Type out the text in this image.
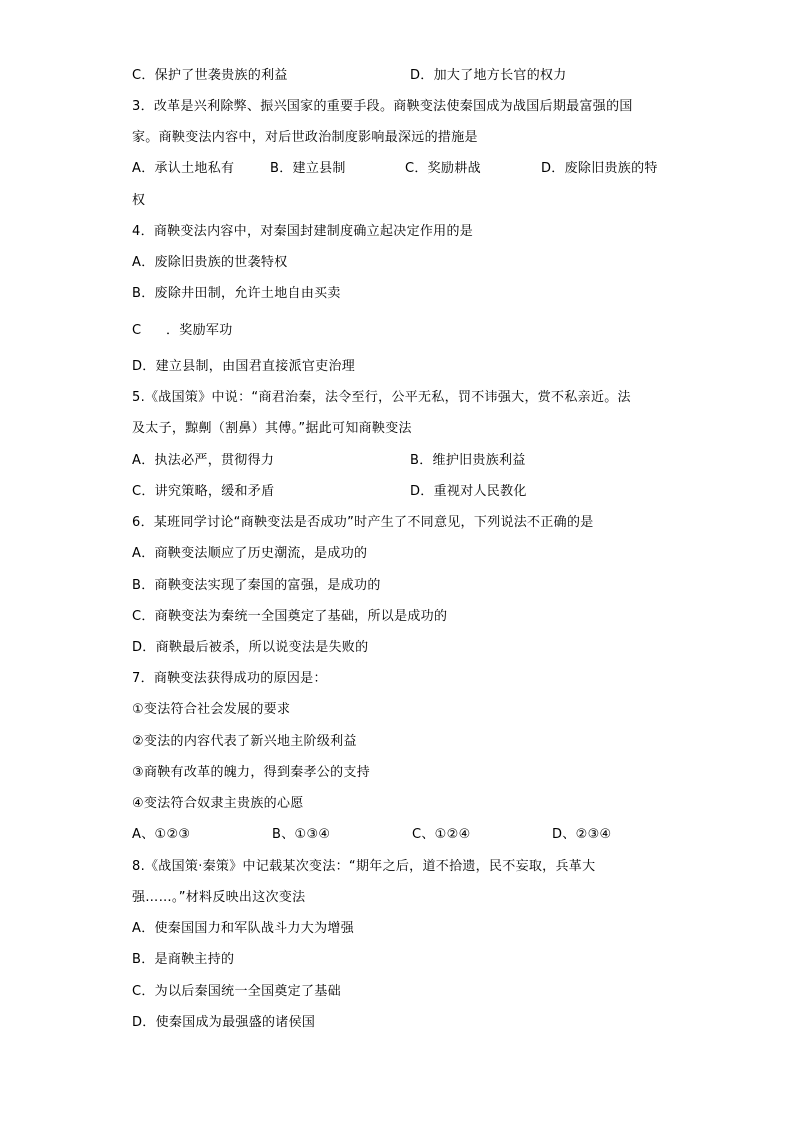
C．保护了世袭贵族的利益	D．加大了地方长官的权力
3．改革是兴利除弊、振兴国家的重要手段。商鞅变法使秦国成为战国后期最富强的国
家。商鞅变法内容中，对后世政治制度影响最深远的措施是
A．承认土地私有	B．建立县制	C．奖励耕战	D．废除旧贵族的特
权
4．商鞅变法内容中，对秦国封建制度确立起决定作用的是
A．废除旧贵族的世袭特权
B．废除井田制，允许土地自由买卖
C ．奖励军功
D．建立县制，由国君直接派官吏治理
5.《战国策》中说：“商君治秦，法令至行，公平无私，罚不讳强大，赏不私亲近。法
及太子，黥劓（割鼻）其傅。”据此可知商鞅变法
A．执法必严，贯彻得力	B．维护旧贵族利益
C．讲究策略，缓和矛盾	D．重视对人民教化
6．某班同学讨论“商鞅变法是否成功”时产生了不同意见，下列说法不正确的是
A．商鞅变法顺应了历史潮流，是成功的
B．商鞅变法实现了秦国的富强，是成功的
C．商鞅变法为秦统一全国奠定了基础，所以是成功的
D．商鞅最后被杀，所以说变法是失败的
7．商鞅变法获得成功的原因是：
①变法符合社会发展的要求
②变法的内容代表了新兴地主阶级利益
③商鞅有改革的魄力，得到秦孝公的支持
④变法符合奴隶主贵族的心愿
A、①②③	B、①③④	C、①②④	D、②③④
8.《战国策·秦策》中记载某次变法：“期年之后，道不拾遗，民不妄取，兵革大
强……。”材料反映出这次变法
A．使秦国国力和军队战斗力大为增强
B．是商鞅主持的
C．为以后秦国统一全国奠定了基础
D．使秦国成为最强盛的诸侯国
